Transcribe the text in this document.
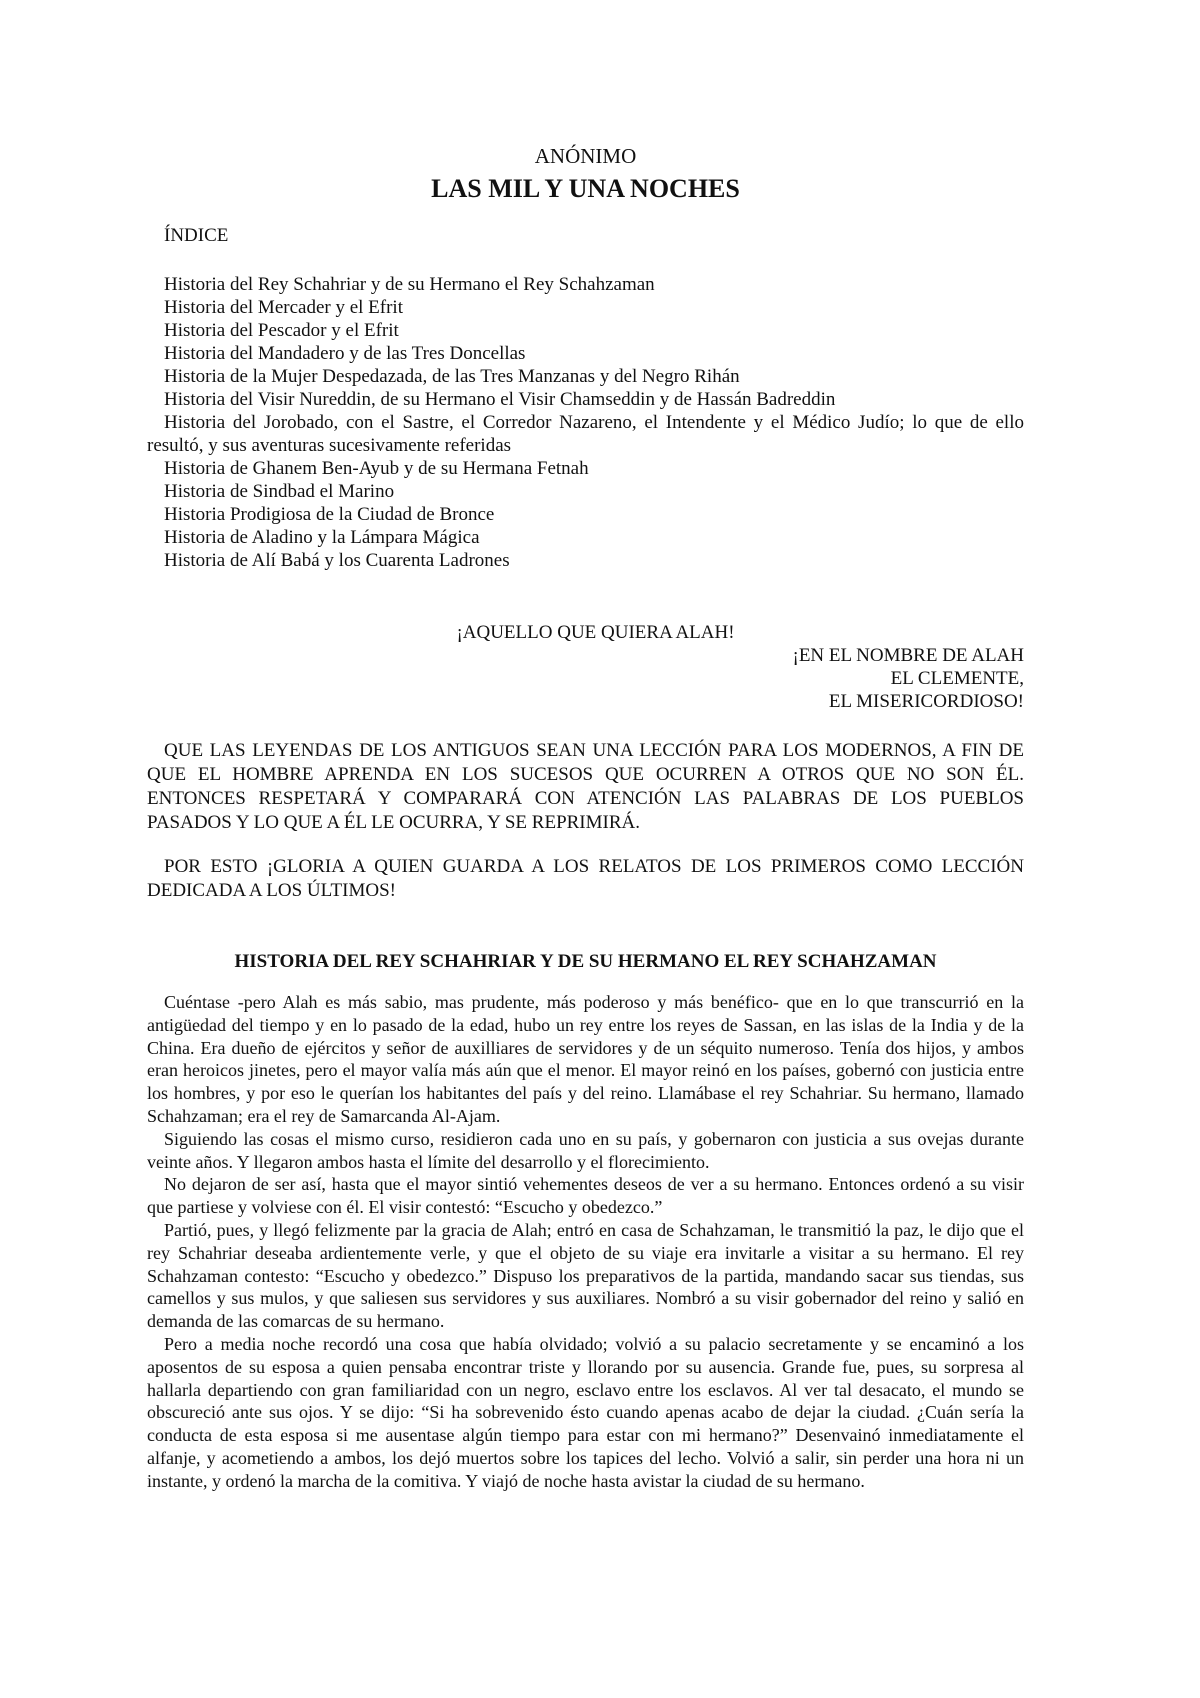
ANÓNIMO
LAS MIL Y UNA NOCHES
ÍNDICE
Historia del Rey Schahriar y de su Hermano el Rey Schahzaman
Historia del Mercader y el Efrit
Historia del Pescador y el Efrit
Historia del Mandadero y de las Tres Doncellas
Historia de la Mujer Despedazada, de las Tres Manzanas y del Negro Rihán
Historia del Visir Nureddin, de su Hermano el Visir Chamseddin y de Hassán Badreddin
Historia del Jorobado, con el Sastre, el Corredor Nazareno, el Intendente y el Médico Judío; lo que de ello resultó, y sus aventuras sucesivamente referidas
Historia de Ghanem Ben-Ayub y de su Hermana Fetnah
Historia de Sindbad el Marino
Historia Prodigiosa de la Ciudad de Bronce
Historia de Aladino y la Lámpara Mágica
Historia de Alí Babá y los Cuarenta Ladrones
¡AQUELLO QUE QUIERA ALAH!
¡EN EL NOMBRE DE ALAH
EL CLEMENTE,
EL MISERICORDIOSO!

QUE LAS LEYENDAS DE LOS ANTIGUOS SEAN UNA LECCIÓN PARA LOS MODERNOS, A FIN DE QUE EL HOMBRE APRENDA EN LOS SUCESOS QUE OCURREN A OTROS QUE NO SON ÉL. ENTONCES RESPETARÁ Y COMPARARÁ CON ATENCIÓN LAS PALABRAS DE LOS PUEBLOS PASADOS Y LO QUE A ÉL LE OCURRA, Y SE REPRIMIRÁ.

POR ESTO ¡GLORIA A QUIEN GUARDA A LOS RELATOS DE LOS PRIMEROS COMO LECCIÓN DEDICADA A LOS ÚLTIMOS!

HISTORIA DEL REY SCHAHRIAR Y DE SU HERMANO EL REY SCHAHZAMAN

Cuéntase -pero Alah es más sabio, mas prudente, más poderoso y más benéfico- que en lo que transcurrió en la antigüedad del tiempo y en lo pasado de la edad, hubo un rey entre los reyes de Sassan, en las islas de la India y de la China. Era dueño de ejércitos y señor de auxilliares de servidores y de un séquito numeroso. Tenía dos hijos, y ambos eran heroicos jinetes, pero el mayor valía más aún que el menor. El mayor reinó en los países, gobernó con justicia entre los hombres, y por eso le querían los habitantes del país y del reino. Llamábase el rey Schahriar. Su hermano, llamado Schahzaman; era el rey de Samarcanda Al-Ajam.

Siguiendo las cosas el mismo curso, residieron cada uno en su país, y gobernaron con justicia a sus ovejas durante veinte años. Y llegaron ambos hasta el límite del desarrollo y el florecimiento.

No dejaron de ser así, hasta que el mayor sintió vehementes deseos de ver a su hermano. Entonces ordenó a su visir que partiese y volviese con él. El visir contestó: “Escucho y obedezco.”

Partió, pues, y llegó felizmente par la gracia de Alah; entró en casa de Schahzaman, le transmitió la paz, le dijo que el rey Schahriar deseaba ardientemente verle, y que el objeto de su viaje era invitarle a visitar a su hermano. El rey Schahzaman contesto: “Escucho y obedezco.” Dispuso los preparativos de la partida, mandando sacar sus tiendas, sus camellos y sus mulos, y que saliesen sus servidores y sus auxiliares. Nombró a su visir gobernador del reino y salió en demanda de las comarcas de su hermano.

Pero a media noche recordó una cosa que había olvidado; volvió a su palacio secretamente y se encaminó a los aposentos de su esposa a quien pensaba encontrar triste y llorando por su ausencia. Grande fue, pues, su sorpresa al hallarla departiendo con gran familiaridad con un negro, esclavo entre los esclavos. Al ver tal desacato, el mundo se obscureció ante sus ojos. Y se dijo: “Si ha sobrevenido ésto cuando apenas acabo de dejar la ciudad. ¿Cuán sería la conducta de esta esposa si me ausentase algún tiempo para estar con mi hermano?” Desenvainó inmediatamente el alfanje, y acometiendo a ambos, los dejó muertos sobre los tapices del lecho. Volvió a salir, sin perder una hora ni un instante, y ordenó la marcha de la comitiva. Y viajó de noche hasta avistar la ciudad de su hermano.
